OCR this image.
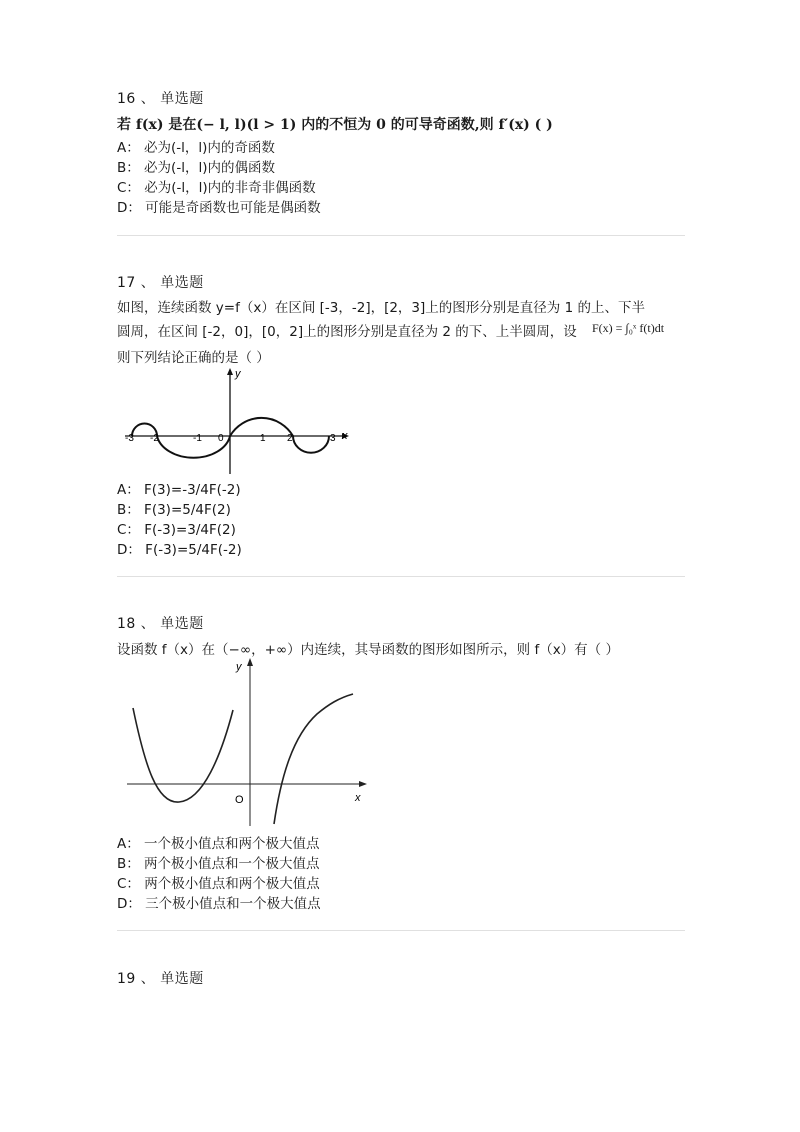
16 、 单选题
若 f(x) 是在(− l, l)(l > 1) 内的不恒为 0 的可导奇函数,则 f′(x) ( )
A： 必为(-l，l)内的奇函数
B： 必为(-l，l)内的偶函数
C： 必为(-l，l)内的非奇非偶函数
D： 可能是奇函数也可能是偶函数
17 、 单选题
如图，连续函数 y=f（x）在区间 [-3，-2]，[2，3]上的图形分别是直径为 1 的上、下半
圆周，在区间 [-2，0]，[0，2]上的图形分别是直径为 2 的下、上半圆周，设 F(x) = ∫₀ˣ f(t)dt
则下列结论正确的是（ ）
y
x
-3 -2	-1 0	1 2	3
A： F(3)=-3/4F(-2)
B： F(3)=5/4F(2)
C： F(-3)=3/4F(2)
D： F(-3)=5/4F(-2)
18 、 单选题
设函数 f（x）在（−∞，+∞）内连续，其导函数的图形如图所示，则 f（x）有（ ）
y
x
O
A： 一个极小值点和两个极大值点
B： 两个极小值点和一个极大值点
C： 两个极小值点和两个极大值点
D： 三个极小值点和一个极大值点
19 、 单选题
